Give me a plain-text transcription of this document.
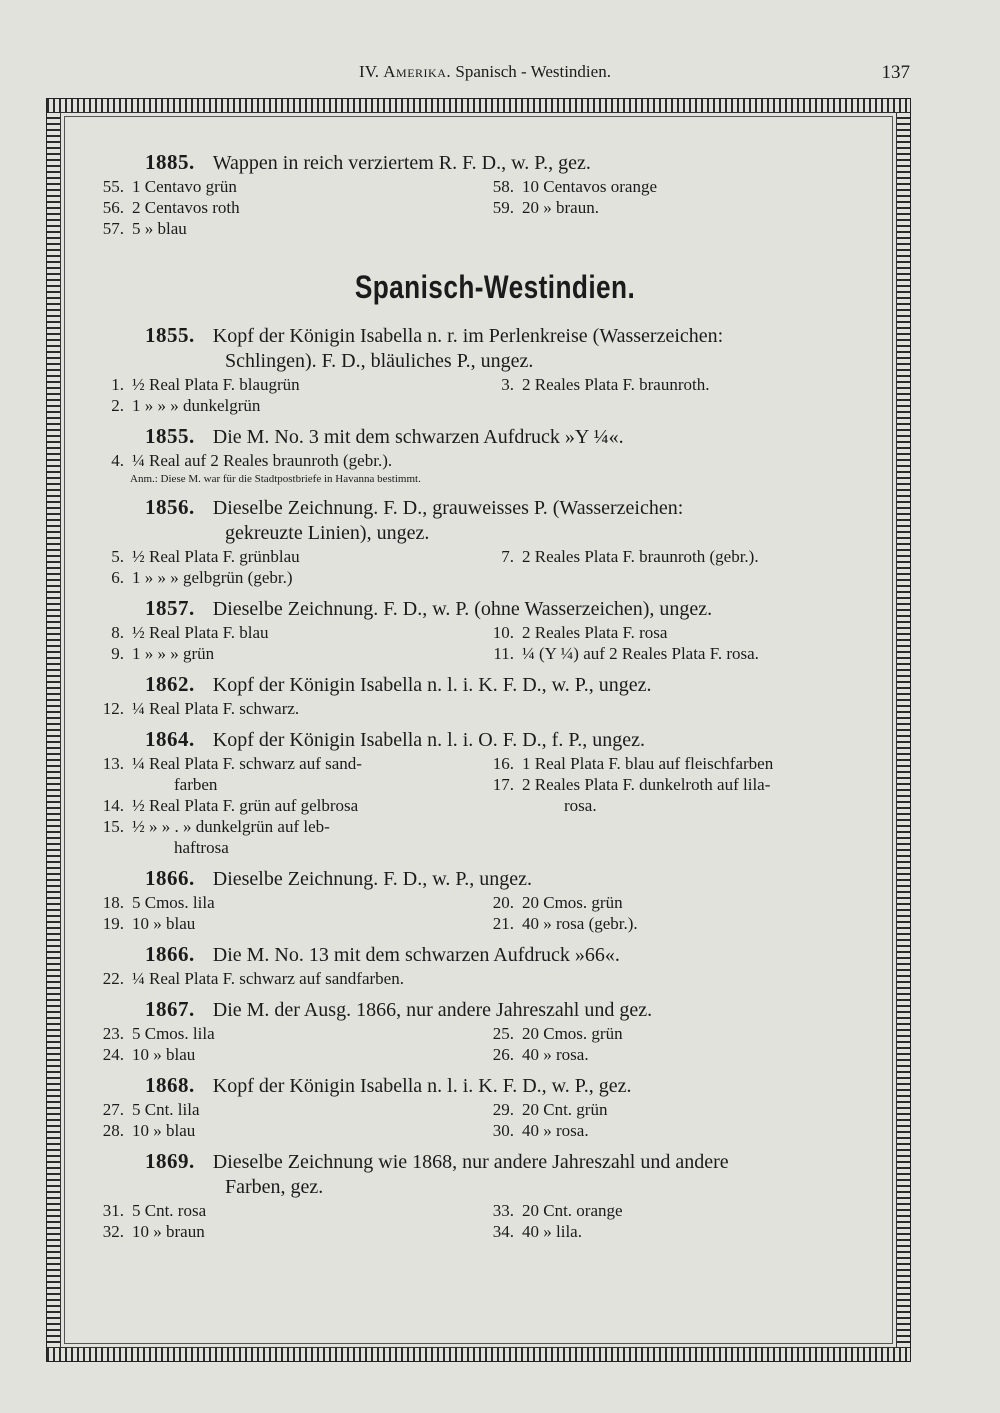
IV. Amerika. Spanisch - Westindien.	137

1885. Wappen in reich verziertem R. F. D., w. P., gez.

55. 1 Centavo grün
56. 2 Centavos roth
57. 5 » blau
58. 10 Centavos orange
59. 20 » braun.
Spanisch-Westindien.

1855. Kopf der Königin Isabella n. r. im Perlenkreise (Wasserzeichen:
Schlingen). F. D., bläuliches P., ungez.

1. ½ Real Plata F. blaugrün
2. 1 » » » dunkelgrün
3. 2 Reales Plata F. braunroth.

1855. Die M. No. 3 mit dem schwarzen Aufdruck »Y ¼«.

4. ¼ Real auf 2 Reales braunroth (gebr.).
Anm.: Diese M. war für die Stadtpostbriefe in Havanna bestimmt.

1856. Dieselbe Zeichnung. F. D., grauweisses P. (Wasserzeichen:
gekreuzte Linien), ungez.

5. ½ Real Plata F. grünblau
6. 1 » » » gelbgrün (gebr.)
7. 2 Reales Plata F. braunroth (gebr.).

1857. Dieselbe Zeichnung. F. D., w. P. (ohne Wasserzeichen), ungez.

8. ½ Real Plata F. blau
9. 1 » » » grün
10. 2 Reales Plata F. rosa
11. ¼ (Y ¼) auf 2 Reales Plata F. rosa.

1862. Kopf der Königin Isabella n. l. i. K. F. D., w. P., ungez.

12. ¼ Real Plata F. schwarz.

1864. Kopf der Königin Isabella n. l. i. O. F. D., f. P., ungez.

13. ¼ Real Plata F. schwarz auf sand-
farben
14. ½ Real Plata F. grün auf gelbrosa
15. ½ » » . » dunkelgrün auf leb-
haftrosa
16. 1 Real Plata F. blau auf fleischfarben
17. 2 Reales Plata F. dunkelroth auf lila-
rosa.

1866. Dieselbe Zeichnung. F. D., w. P., ungez.

18. 5 Cmos. lila
19. 10 » blau
20. 20 Cmos. grün
21. 40 » rosa (gebr.).

1866. Die M. No. 13 mit dem schwarzen Aufdruck »66«.

22. ¼ Real Plata F. schwarz auf sandfarben.

1867. Die M. der Ausg. 1866, nur andere Jahreszahl und gez.

23. 5 Cmos. lila
24. 10 » blau
25. 20 Cmos. grün
26. 40 » rosa.

1868. Kopf der Königin Isabella n. l. i. K. F. D., w. P., gez.

27. 5 Cnt. lila
28. 10 » blau
29. 20 Cnt. grün
30. 40 » rosa.

1869. Dieselbe Zeichnung wie 1868, nur andere Jahreszahl und andere
Farben, gez.

31. 5 Cnt. rosa
32. 10 » braun
33. 20 Cnt. orange
34. 40 » lila.
